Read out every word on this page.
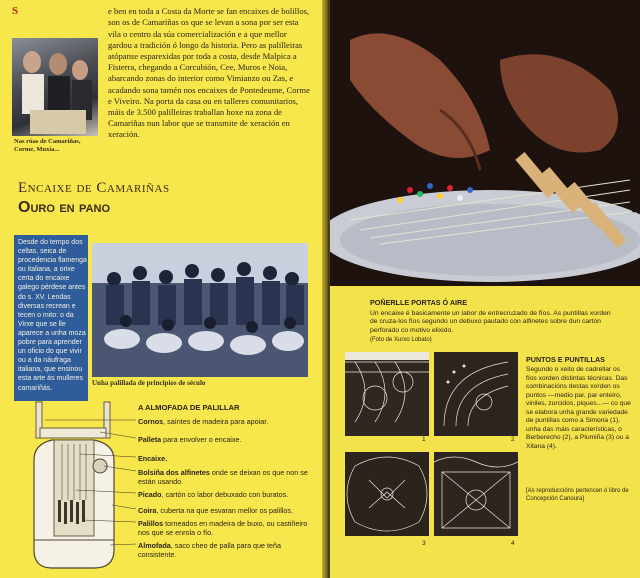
Nas rúas de Camariñas, Corme, Muxía...
S	e ben en toda a Costa da Morte se fan encaixes de bolillos, son os de Camariñas os que se levan a sona por ser esta vila o centro da súa comercialización e a que mellor gardou a tradición ó longo da historia. Pero as palilleiras atópanse esparexidas por toda a costa, desde Malpica a Fisterra, chegando a Corcubión, Cee, Muros e Noia, abarcando zonas do interior como Vimianzo ou Zas, e acadando sona tamén nos encaixes de Pontedeume, Corme e Viveiro. Na porta da casa ou en talleres comunitarios, máis de 3.500 palilleiras traballan hoxe na zona de Camariñas nun labor que se transmite de xeración en xeración.
Encaixe de Camariñas
Ouro en pano
Desde do tempo dos celtas, seica de procedencia flamenga ou italiana, a orixe certa do encaixe galego pérdese antes do s. XV. Lendas diversas recrean e tecen o mito: o da Virxe que se lle aparece a unha moza pobre para aprender un oficio do que vivir ou a da náufraga italiana, que ensinou esta arte ás mulleres camariñás.
Unha palillada de principios de século
A ALMOFADA DE PALILLAR
Cornos, saíntes de madeira para apoiar.
Palleta para envolver o encaixe.
Encaixe.
Bolsiña dos alfinetes onde se deixan os que non se están usando.
Picado, cartón co labor debuxado con buratos.
Coira, cuberta na que esvaran mellor os palillos.
Palillos torneados en madeira de buxo, ou castiñeiro nos que se enrola o fío.
Almofada, saco cheo de palla para que teña consistente.
▪
POÑERLLE PORTAS Ó AIRE
Un encaixe é basicamente un labor de entrecruzado de fíos. As puntillas xorden de cruza-los fíos segundo un debuxo pautado con alfinetes sobre dun cartón perforado co motivo elixido.
(Foto de Xurxo Lobato)
1	2
3	4
PUNTOS E PUNTILLAS
Segundo o xeito de cadrellar os fíos xorden distintas técnicas. Das combinacións destas xorden os puntos —medio par, par enteiro, viniles, zurcidos, piques...— co que se elabora unha grande variedade de puntillas como a Simona (1), unha das máis características, o Berberecho (2), a Plumiña (3) ou a Xitana (4).
[As reproduccións pertencen ó libro de Concepción Canoura]
